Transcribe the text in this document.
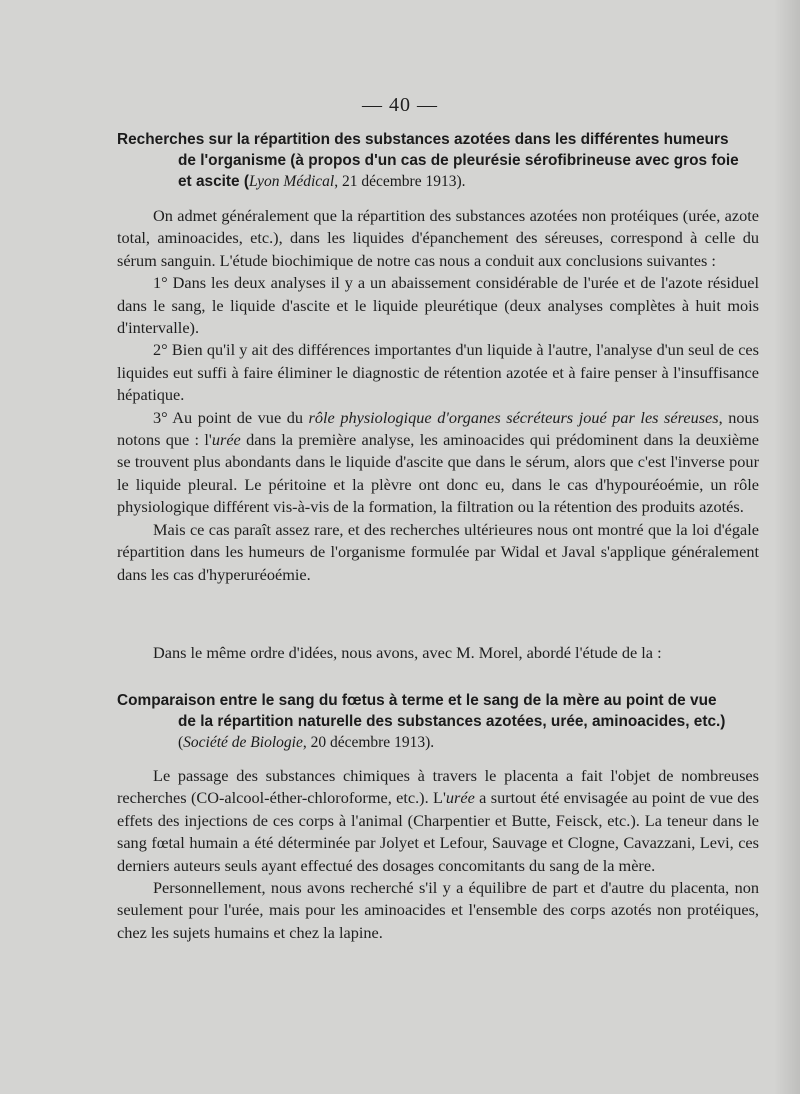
— 40 —
Recherches sur la répartition des substances azotées dans les différentes humeurs
de l'organisme (à propos d'un cas de pleurésie sérofibrineuse avec gros foie
et ascite (Lyon Médical, 21 décembre 1913).

On admet généralement que la répartition des substances azotées non protéiques (urée, azote total, aminoacides, etc.), dans les liquides d'épanchement des séreuses, correspond à celle du sérum sanguin. L'étude biochimique de notre cas nous a conduit aux conclusions suivantes :

1° Dans les deux analyses il y a un abaissement considérable de l'urée et de l'azote résiduel dans le sang, le liquide d'ascite et le liquide pleurétique (deux analyses complètes à huit mois d'intervalle).

2° Bien qu'il y ait des différences importantes d'un liquide à l'autre, l'analyse d'un seul de ces liquides eut suffi à faire éliminer le diagnostic de rétention azotée et à faire penser à l'insuffisance hépatique.

3° Au point de vue du rôle physiologique d'organes sécréteurs joué par les séreuses, nous notons que : l'urée dans la première analyse, les aminoacides qui prédominent dans la deuxième se trouvent plus abondants dans le liquide d'ascite que dans le sérum, alors que c'est l'inverse pour le liquide pleural. Le péritoine et la plèvre ont donc eu, dans le cas d'hypouréoémie, un rôle physiologique différent vis-à-vis de la formation, la filtration ou la rétention des produits azotés.

Mais ce cas paraît assez rare, et des recherches ultérieures nous ont montré que la loi d'égale répartition dans les humeurs de l'organisme formulée par Widal et Javal s'applique généralement dans les cas d'hyperuréoémie.

Dans le même ordre d'idées, nous avons, avec M. Morel, abordé l'étude de la :
Comparaison entre le sang du fœtus à terme et le sang de la mère au point de vue
de la répartition naturelle des substances azotées, urée, aminoacides, etc.)
(Société de Biologie, 20 décembre 1913).

Le passage des substances chimiques à travers le placenta a fait l'objet de nombreuses recherches (CO-alcool-éther-chloroforme, etc.). L'urée a surtout été envisagée au point de vue des effets des injections de ces corps à l'animal (Charpentier et Butte, Feisck, etc.). La teneur dans le sang fœtal humain a été déterminée par Jolyet et Lefour, Sauvage et Clogne, Cavazzani, Levi, ces derniers auteurs seuls ayant effectué des dosages concomitants du sang de la mère.

Personnellement, nous avons recherché s'il y a équilibre de part et d'autre du placenta, non seulement pour l'urée, mais pour les aminoacides et l'ensemble des corps azotés non protéiques, chez les sujets humains et chez la lapine.
